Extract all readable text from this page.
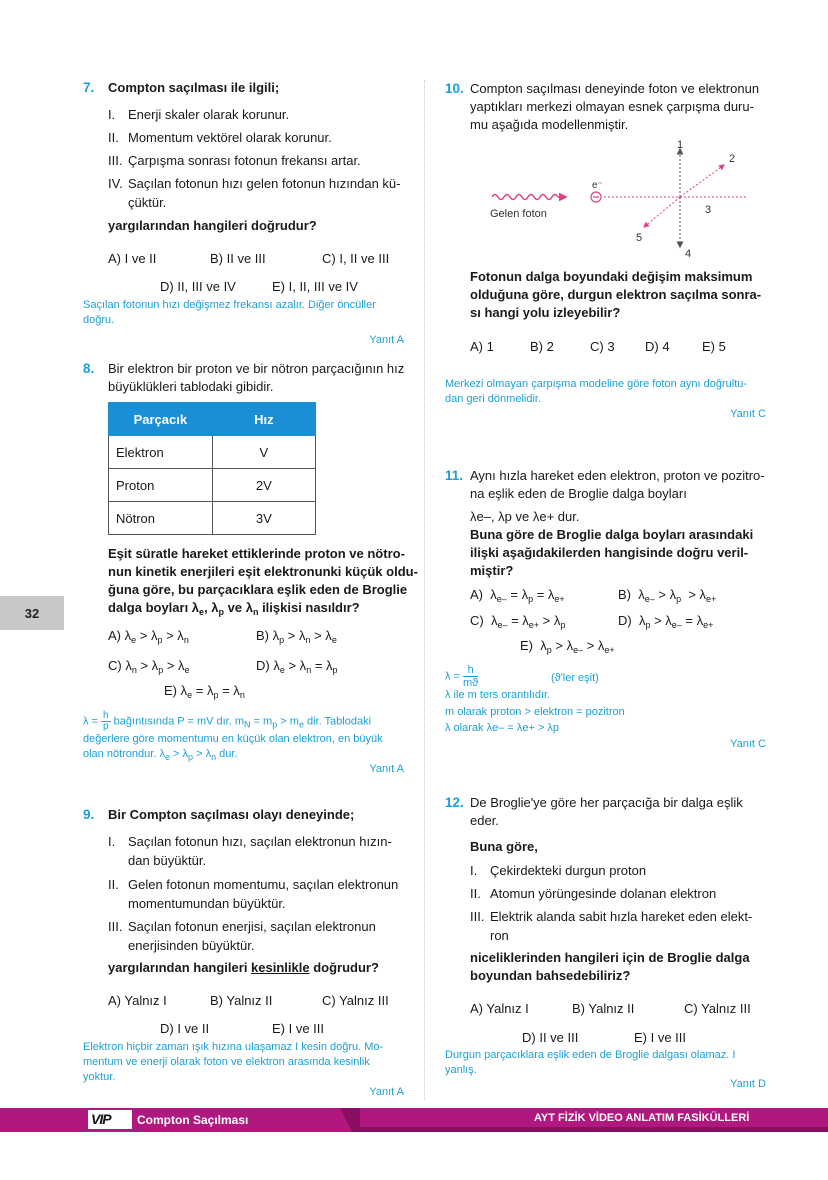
7. Compton saçılması ile ilgili;
I. Enerji skaler olarak korunur.
II. Momentum vektörel olarak korunur.
III. Çarpışma sonrası fotonun frekansı artar.
IV. Saçılan fotonun hızı gelen fotonun hızından kü-
çüktür.
yargılarından hangileri doğrudur?
A) I ve II	B) II ve III	C) I, II ve III
D) II, III ve IV	E) I, II, III ve IV
Saçılan fotonun hızı değişmez frekansı azalır. Diğer öncüller
doğru.
Yanıt A
8. Bir elektron bir proton ve bir nötron parçacığının hız
büyüklükleri tablodaki gibidir.
Parçacık	Hız
Elektron	V
Proton	2V
Nötron	3V
Eşit süratle hareket ettiklerinde proton ve nötro-
nun kinetik enerjileri eşit elektronunki küçük oldu-
ğuna göre, bu parçacıklara eşlik eden de Broglie
dalga boyları $\lambda_e$, $\lambda_p$ ve $\lambda_n$ ilişkisi nasıldır?
A) $\lambda_e > \lambda_p > \lambda_n$	B) $\lambda_p > \lambda_n > \lambda_e$
C) $\lambda_n > \lambda_p > \lambda_e$	D) $\lambda_e > \lambda_n = \lambda_p$
E) $\lambda_e = \lambda_p = \lambda_n$
$\lambda = \frac{h}{p}$ bağıntısında P = mV dır. $m_N = m_p > m_e$ dir. Tablodaki
değerlere göre momentumu en küçük olan elektron, en büyük
olan nötrondur. $\lambda_e > \lambda_p > \lambda_n$ dur.
Yanıt A
9. Bir Compton saçılması olayı deneyinde;
I. Saçılan fotonun hızı, saçılan elektronun hızın-
dan büyüktür.
II. Gelen fotonun momentumu, saçılan elektronun
momentumundan büyüktür.
III. Saçılan fotonun enerjisi, saçılan elektronun
enerjisinden büyüktür.
yargılarından hangileri kesinlikle doğrudur?
A) Yalnız I	B) Yalnız II	C) Yalnız III
D) I ve II	E) I ve III
Elektron hiçbir zaman ışık hızına ulaşamaz I kesin doğru. Mo-
mentum ve enerji olarak foton ve elektron arasında kesinlik
yoktur.
Yanıt A
10. Compton saçılması deneyinde foton ve elektronun
yaptıkları merkezi olmayan esnek çarpışma duru-
mu aşağıda modellenmiştir.
e⁻
1
2
3
4
5
Gelen foton
Fotonun dalga boyundaki değişim maksimum
olduğuna göre, durgun elektron saçılma sonra-
sı hangi yolu izleyebilir?
A) 1	B) 2	C) 3 D) 4 E) 5
Merkezi olmayan çarpışma modeline göre foton aynı doğrultu-
dan geri dönmelidir.
Yanıt C
11. Aynı hızla hareket eden elektron, proton ve pozitro-
na eşlik eden de Broglie dalga boyları
λe–, λp ve λe+ dur.
Buna göre de Broglie dalga boyları arasındaki
ilişki aşağıdakilerden hangisinde doğru veril-
miştir?
A)  $\lambda_{e-} = \lambda_p = \lambda_{e+}$	B)  $\lambda_{e-} > \lambda_p > \lambda_{e+}$
C)  $\lambda_{e-} = \lambda_{e+} > \lambda_p$	D)  $\lambda_p > \lambda_{e-} = \lambda_{e+}$
E)  $\lambda_p > \lambda_{e-} > \lambda_{e+}$
$\lambda = \frac{h}{mϑ}$	(ϑ'ler eşit)
λ ile m ters orantılıdır.
m olarak proton > elektron = pozitron
λ olarak λe– = λe+ > λp
Yanıt C
12. De Broglie'ye göre her parçacığa bir dalga eşlik
eder.
Buna göre,
I. Çekirdekteki durgun proton
II. Atomun yörüngesinde dolanan elektron
III. Elektrik alanda sabit hızla hareket eden elekt-
ron
niceliklerinden hangileri için de Broglie dalga
boyundan bahsedebiliriz?
A) Yalnız I	B) Yalnız II	C) Yalnız III
D) II ve III	E) I ve III
Durgun parçacıklara eşlik eden de Broglie dalgası olamaz. I
yanlış.
Yanıt D
32
VIP Compton Saçılması	AYT FİZİK VİDEO ANLATIM FASİKÜLLERİ
